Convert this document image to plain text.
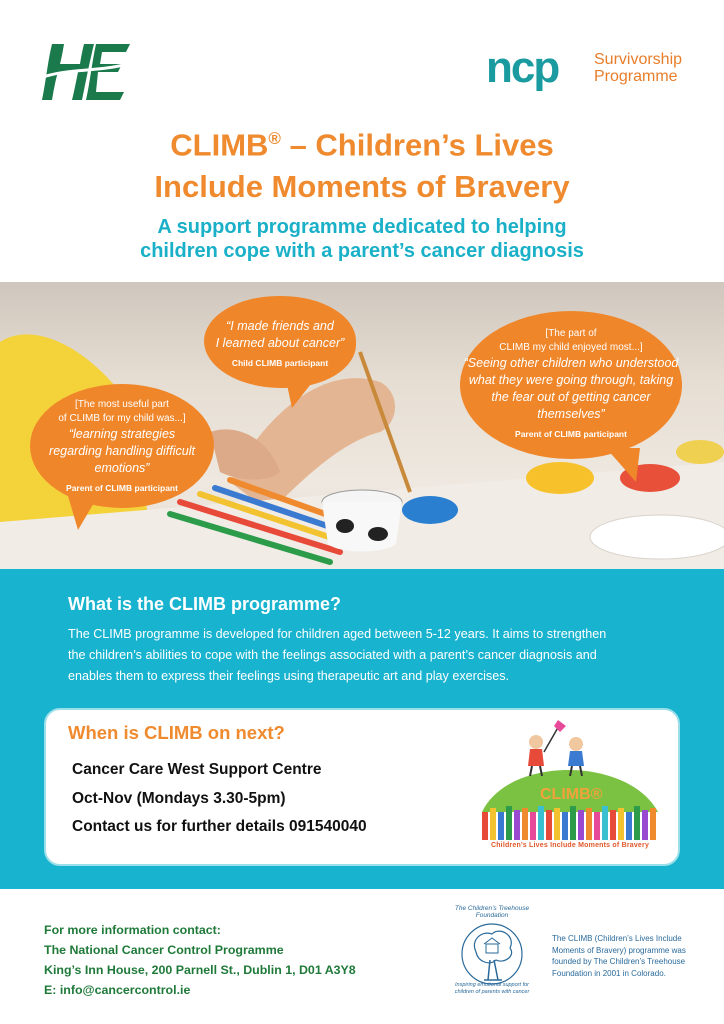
ncp Survivorship
Programme
CLIMB® – Children’s Lives
Include Moments of Bravery
A support programme dedicated to helping
children cope with a parent’s cancer diagnosis
“I made friends and
I learned about cancer”
Child CLIMB participant
[The most useful part
of CLIMB for my child was...]
“learning strategies
regarding handling difficult
emotions”
Parent of CLIMB participant
[The part of
CLIMB my child enjoyed most...]
“Seeing other children who understood
what they were going through, taking
the fear out of getting cancer
themselves”
Parent of CLIMB participant
What is the CLIMB programme?
The CLIMB programme is developed for children aged between 5-12 years. It aims to strengthen
the children’s abilities to cope with the feelings associated with a parent’s cancer diagnosis and
enables them to express their feelings using therapeutic art and play exercises.
When is CLIMB on next?
Cancer Care West Support Centre
Oct-Nov (Mondays 3.30-5pm)
Contact us for further details 091540040
CLIMB®
Children’s Lives Include Moments of Bravery
For more information contact:
The National Cancer Control Programme
King’s Inn House, 200 Parnell St., Dublin 1, D01 A3Y8
E: info@cancercontrol.ie
The Children’s Treehouse Foundation
Inspiring emotional support for
children of parents with cancer
The CLIMB (Children’s Lives Include
Moments of Bravery) programme was
founded by The Children’s Treehouse
Foundation in 2001 in Colorado.
